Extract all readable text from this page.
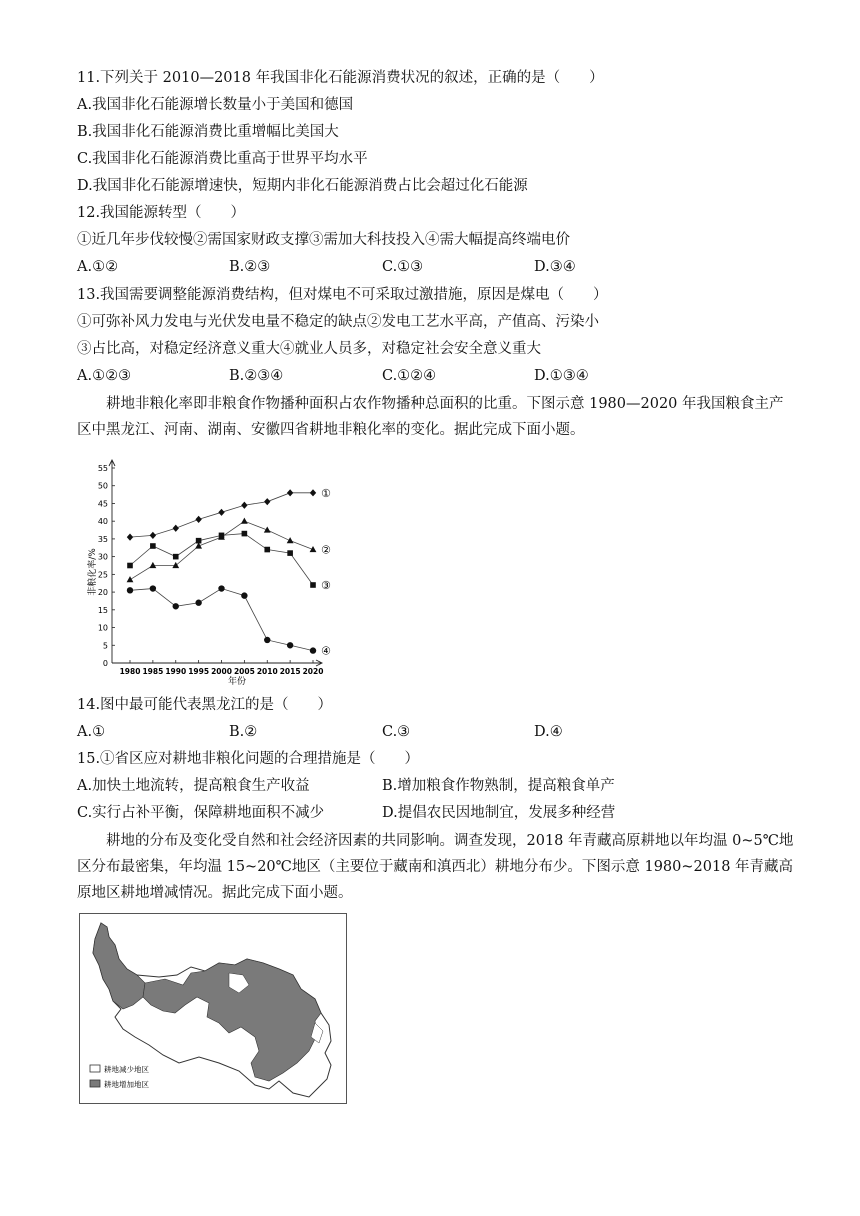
11.下列关于 2010—2018 年我国非化石能源消费状况的叙述，正确的是（　　）
A.我国非化石能源增长数量小于美国和德国
B.我国非化石能源消费比重增幅比美国大
C.我国非化石能源消费比重高于世界平均水平
D.我国非化石能源增速快，短期内非化石能源消费占比会超过化石能源
12.我国能源转型（　　）
①近几年步伐较慢②需国家财政支撑③需加大科技投入④需大幅提高终端电价
A.①②	B.②③	C.①③	D.③④
13.我国需要调整能源消费结构，但对煤电不可采取过激措施，原因是煤电（　　）
①可弥补风力发电与光伏发电量不稳定的缺点②发电工艺水平高，产值高、污染小
③占比高，对稳定经济意义重大④就业人员多，对稳定社会安全意义重大
A.①②③	B.②③④	C.①②④	D.①③④
耕地非粮化率即非粮食作物播种面积占农作物播种总面积的比重。下图示意 1980—2020 年我国粮食主产区中黑龙江、河南、湖南、安徽四省耕地非粮化率的变化。据此完成下面小题。
0
5
10
15
20
25
30
35
40
45
50
55
1980 1985 1990 1995 2000 2005 2010 2015 2020
①
②
③
④
非粮化率/%
年份
14.图中最可能代表黑龙江的是（　　）
A.①	B.②	C.③	D.④
15.①省区应对耕地非粮化问题的合理措施是（　　）
A.加快土地流转，提高粮食生产收益	B.增加粮食作物熟制，提高粮食单产
C.实行占补平衡，保障耕地面积不减少	D.提倡农民因地制宜，发展多种经营
耕地的分布及变化受自然和社会经济因素的共同影响。调查发现，2018 年青藏高原耕地以年均温 0~5℃地区分布最密集，年均温 15~20℃地区（主要位于藏南和滇西北）耕地分布少。下图示意 1980~2018 年青藏高原地区耕地增减情况。据此完成下面小题。
耕地减少地区
耕地增加地区
